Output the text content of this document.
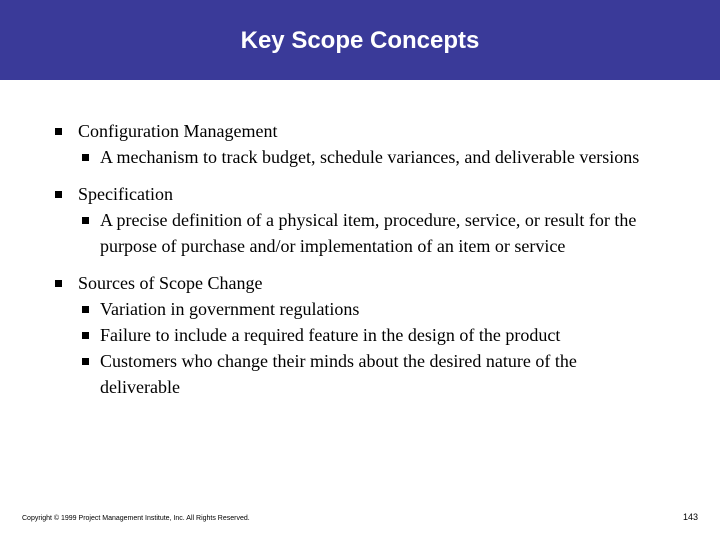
Key Scope Concepts
Configuration Management
A mechanism to track budget, schedule variances, and deliverable versions
Specification
A precise definition of a physical item, procedure, service, or result for the purpose of purchase and/or implementation of an item or service
Sources of Scope Change
Variation in government regulations
Failure to include a required feature in the design of the product
Customers who change their minds about the desired nature of the deliverable
Copyright © 1999 Project Management Institute, Inc. All Rights Reserved.	143
